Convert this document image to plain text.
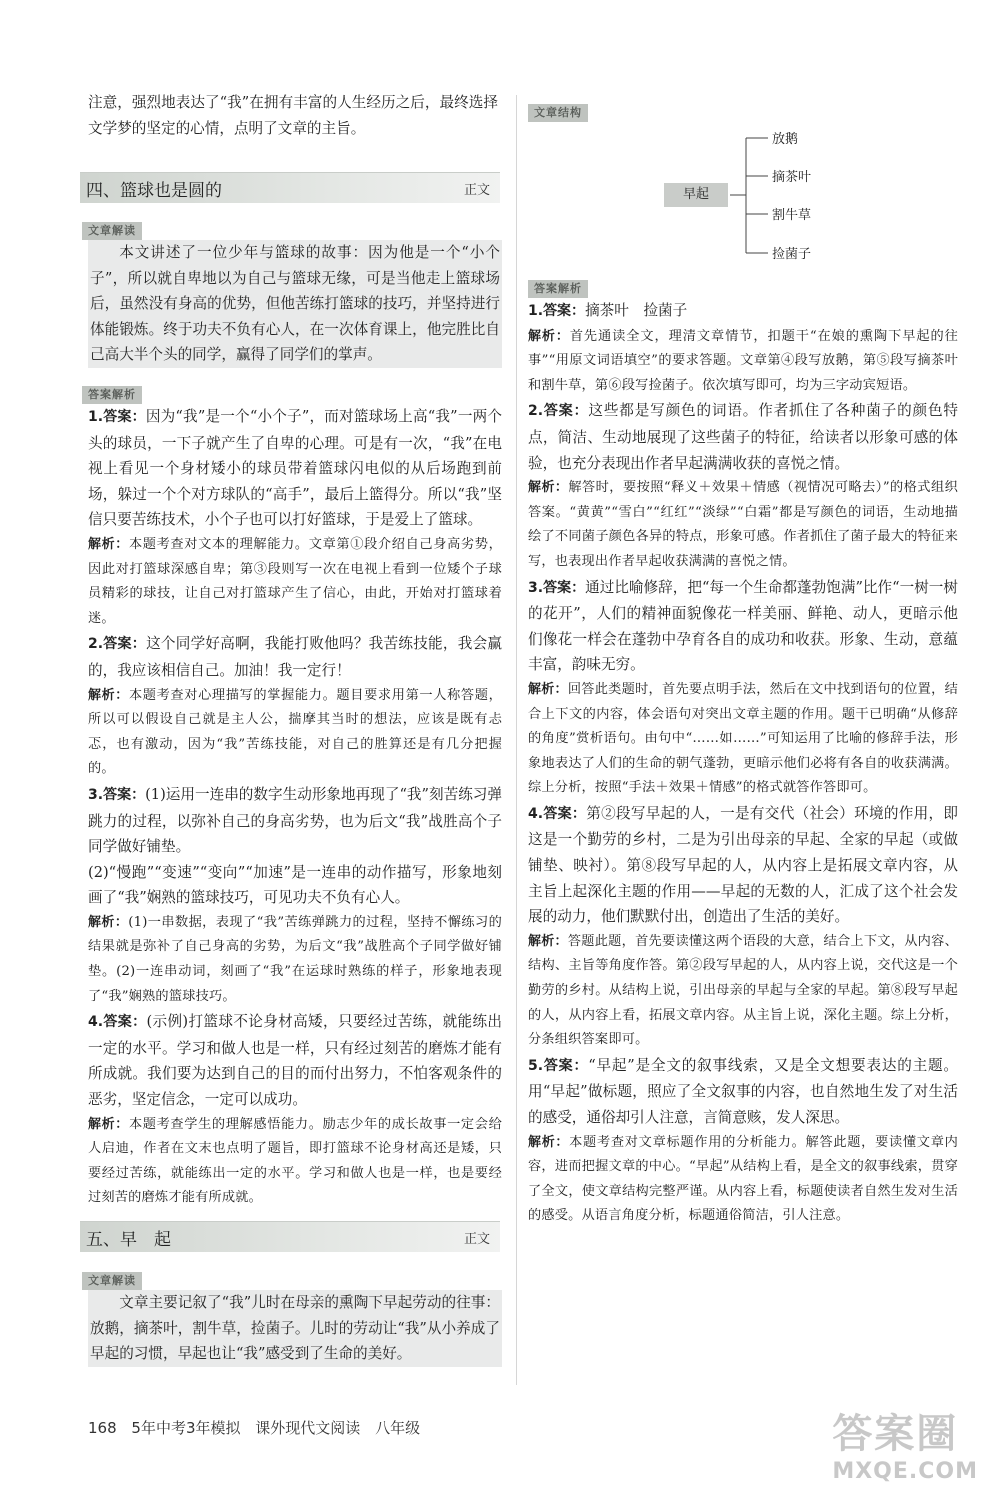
注意，强烈地表达了“我”在拥有丰富的人生经历之后，最终选择文学梦的坚定的心情，点明了文章的主旨。

四、篮球也是圆的	正文
文章解读

本文讲述了一位少年与篮球的故事：因为他是一个“小个子”，所以就自卑地以为自己与篮球无缘，可是当他走上篮球场后，虽然没有身高的优势，但他苦练打篮球的技巧，并坚持进行体能锻炼。终于功夫不负有心人，在一次体育课上，他完胜比自己高大半个头的同学，赢得了同学们的掌声。

答案解析

1.答案：因为“我”是一个“小个子”，而对篮球场上高“我”一两个头的球员，一下子就产生了自卑的心理。可是有一次，“我”在电视上看见一个身材矮小的球员带着篮球闪电似的从后场跑到前场，躲过一个个对方球队的“高手”，最后上篮得分。所以“我”坚信只要苦练技术，小个子也可以打好篮球，于是爱上了篮球。

解析：本题考查对文本的理解能力。文章第①段介绍自己身高劣势，因此对打篮球深感自卑；第③段则写一次在电视上看到一位矮个子球员精彩的球技，让自己对打篮球产生了信心，由此，开始对打篮球着迷。

2.答案：这个同学好高啊，我能打败他吗？我苦练技能，我会赢的，我应该相信自己。加油！我一定行！

解析：本题考查对心理描写的掌握能力。题目要求用第一人称答题，所以可以假设自己就是主人公，揣摩其当时的想法，应该是既有忐忑，也有激动，因为“我”苦练技能，对自己的胜算还是有几分把握的。

3.答案：(1)运用一连串的数字生动形象地再现了“我”刻苦练习弹跳力的过程，以弥补自己的身高劣势，也为后文“我”战胜高个子同学做好铺垫。
(2)“慢跑”“变速”“变向”“加速”是一连串的动作描写，形象地刻画了“我”娴熟的篮球技巧，可见功夫不负有心人。

解析：(1)一串数据，表现了“我”苦练弹跳力的过程，坚持不懈练习的结果就是弥补了自己身高的劣势，为后文“我”战胜高个子同学做好铺垫。(2)一连串动词，刻画了“我”在运球时熟练的样子，形象地表现了“我”娴熟的篮球技巧。

4.答案：(示例)打篮球不论身材高矮，只要经过苦练，就能练出一定的水平。学习和做人也是一样，只有经过刻苦的磨炼才能有所成就。我们要为达到自己的目的而付出努力，不怕客观条件的恶劣，坚定信念，一定可以成功。

解析：本题考查学生的理解感悟能力。励志少年的成长故事一定会给人启迪，作者在文末也点明了题旨，即打篮球不论身材高还是矮，只要经过苦练，就能练出一定的水平。学习和做人也是一样，也是要经过刻苦的磨炼才能有所成就。

五、早　起	正文
文章解读

文章主要记叙了“我”儿时在母亲的熏陶下早起劳动的往事：放鹅，摘茶叶，割牛草，捡菌子。儿时的劳动让“我”从小养成了早起的习惯，早起也让“我”感受到了生命的美好。

文章结构
早起
放鹅
摘茶叶
割牛草
捡菌子
答案解析

1.答案：摘茶叶　捡菌子

解析：首先通读全文，理清文章情节，扣题干“在娘的熏陶下早起的往事”“用原文词语填空”的要求答题。文章第④段写放鹅，第⑤段写摘茶叶和割牛草，第⑥段写捡菌子。依次填写即可，均为三字动宾短语。

2.答案：这些都是写颜色的词语。作者抓住了各种菌子的颜色特点，简洁、生动地展现了这些菌子的特征，给读者以形象可感的体验，也充分表现出作者早起满满收获的喜悦之情。

解析：解答时，要按照“释义＋效果＋情感（视情况可略去）”的格式组织答案。“黄黄”“雪白”“红红”“淡绿”“白霜”都是写颜色的词语，生动地描绘了不同菌子颜色各异的特点，形象可感。作者抓住了菌子最大的特征来写，也表现出作者早起收获满满的喜悦之情。

3.答案：通过比喻修辞，把“每一个生命都蓬勃饱满”比作“一树一树的花开”，人们的精神面貌像花一样美丽、鲜艳、动人，更暗示他们像花一样会在蓬勃中孕育各自的成功和收获。形象、生动，意蕴丰富，韵味无穷。

解析：回答此类题时，首先要点明手法，然后在文中找到语句的位置，结合上下文的内容，体会语句对突出文章主题的作用。题干已明确“从修辞的角度”赏析语句。由句中“……如……”可知运用了比喻的修辞手法，形象地表达了人们的生命的朝气蓬勃，更暗示他们必将有各自的收获满满。综上分析，按照“手法＋效果＋情感”的格式就答作答即可。

4.答案：第②段写早起的人，一是有交代（社会）环境的作用，即这是一个勤劳的乡村，二是为引出母亲的早起、全家的早起（或做铺垫、映衬）。第⑧段写早起的人，从内容上是拓展文章内容，从主旨上起深化主题的作用——早起的无数的人，汇成了这个社会发展的动力，他们默默付出，创造出了生活的美好。

解析：答题此题，首先要读懂这两个语段的大意，结合上下文，从内容、结构、主旨等角度作答。第②段写早起的人，从内容上说，交代这是一个勤劳的乡村。从结构上说，引出母亲的早起与全家的早起。第⑧段写早起的人，从内容上看，拓展文章内容。从主旨上说，深化主题。综上分析，分条组织答案即可。

5.答案：“早起”是全文的叙事线索，又是全文想要表达的主题。用“早起”做标题，照应了全文叙事的内容，也自然地生发了对生活的感受，通俗却引人注意，言简意赅，发人深思。

解析：本题考查对文章标题作用的分析能力。解答此题，要读懂文章内容，进而把握文章的中心。“早起”从结构上看，是全文的叙事线索，贯穿了全文，使文章结构完整严谨。从内容上看，标题使读者自然生发对生活的感受。从语言角度分析，标题通俗简洁，引人注意。

168 5年中考3年模拟 课外现代文阅读 八年级	答案圈
MXQE.COM
